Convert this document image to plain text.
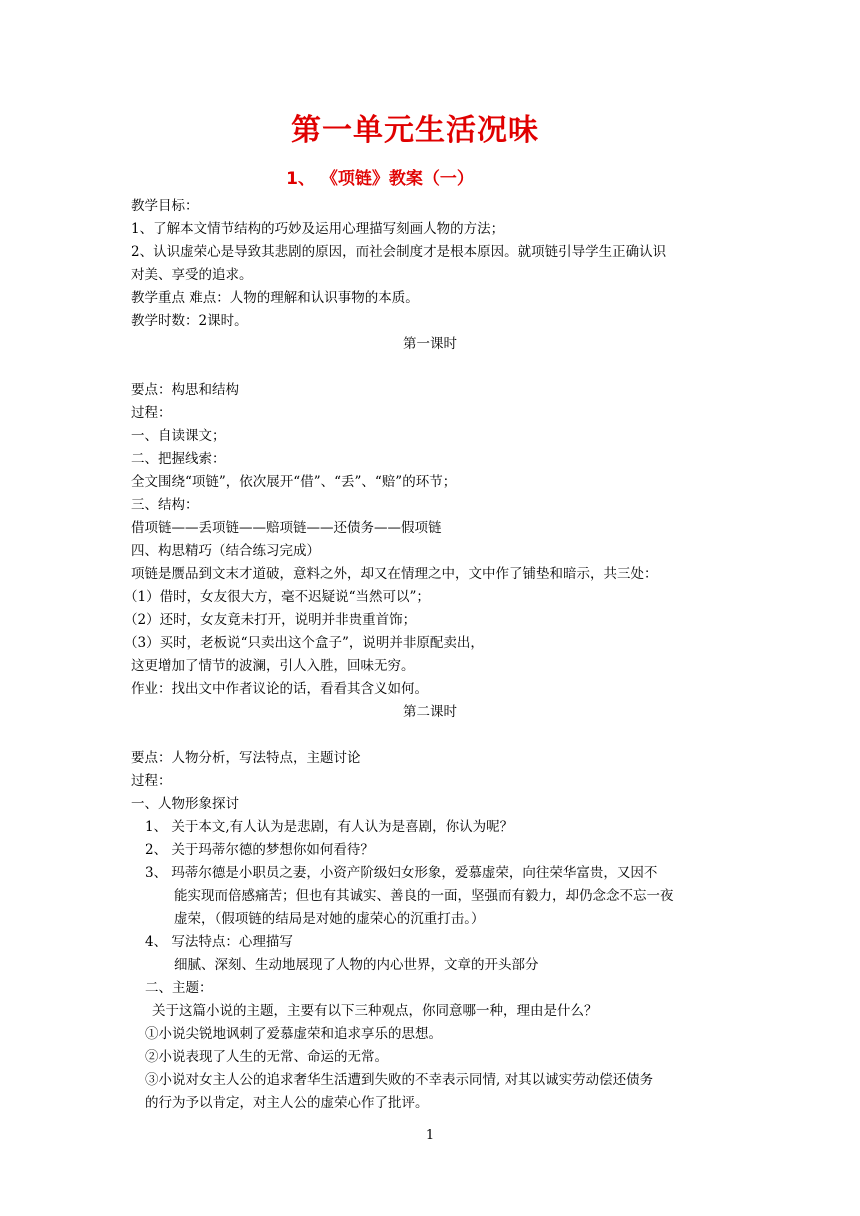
第一单元生活况味
1、 《项链》教案（一）
教学目标：
1、了解本文情节结构的巧妙及运用心理描写刻画人物的方法；
2、认识虚荣心是导致其悲剧的原因，而社会制度才是根本原因。就项链引导学生正确认识
对美、享受的追求。
教学重点 难点：人物的理解和认识事物的本质。
教学时数：2课时。
第一课时
要点：构思和结构
过程：
一、自读课文；
二、把握线索：
全文围绕“项链”，依次展开“借”、“丢”、“赔”的环节；
三、结构：
借项链——丢项链——赔项链——还债务——假项链
四、构思精巧（结合练习完成）
项链是赝品到文末才道破，意料之外，却又在情理之中，文中作了铺垫和暗示，共三处：
（1）借时，女友很大方，毫不迟疑说“当然可以”；
（2）还时，女友竟未打开，说明并非贵重首饰；
（3）买时，老板说“只卖出这个盒子”，说明并非原配卖出，
这更增加了情节的波澜，引人入胜，回味无穷。
作业：找出文中作者议论的话，看看其含义如何。
第二课时
要点：人物分析，写法特点，主题讨论
过程：
一、人物形象探讨
1、 关于本文,有人认为是悲剧，有人认为是喜剧，你认为呢？
2、 关于玛蒂尔德的梦想你如何看待？
3、 玛蒂尔德是小职员之妻，小资产阶级妇女形象，爱慕虚荣，向往荣华富贵，又因不
能实现而倍感痛苦；但也有其诚实、善良的一面，坚强而有毅力，却仍念念不忘一夜
虚荣，（假项链的结局是对她的虚荣心的沉重打击。）
4、 写法特点：心理描写
细腻、深刻、生动地展现了人物的内心世界，文章的开头部分
二、主题：
关于这篇小说的主题，主要有以下三种观点，你同意哪一种，理由是什么？
①小说尖锐地讽刺了爱慕虚荣和追求享乐的思想。
②小说表现了人生的无常、命运的无常。
③小说对女主人公的追求奢华生活遭到失败的不幸表示同情, 对其以诚实劳动偿还债务
的行为予以肯定，对主人公的虚荣心作了批评。
1
